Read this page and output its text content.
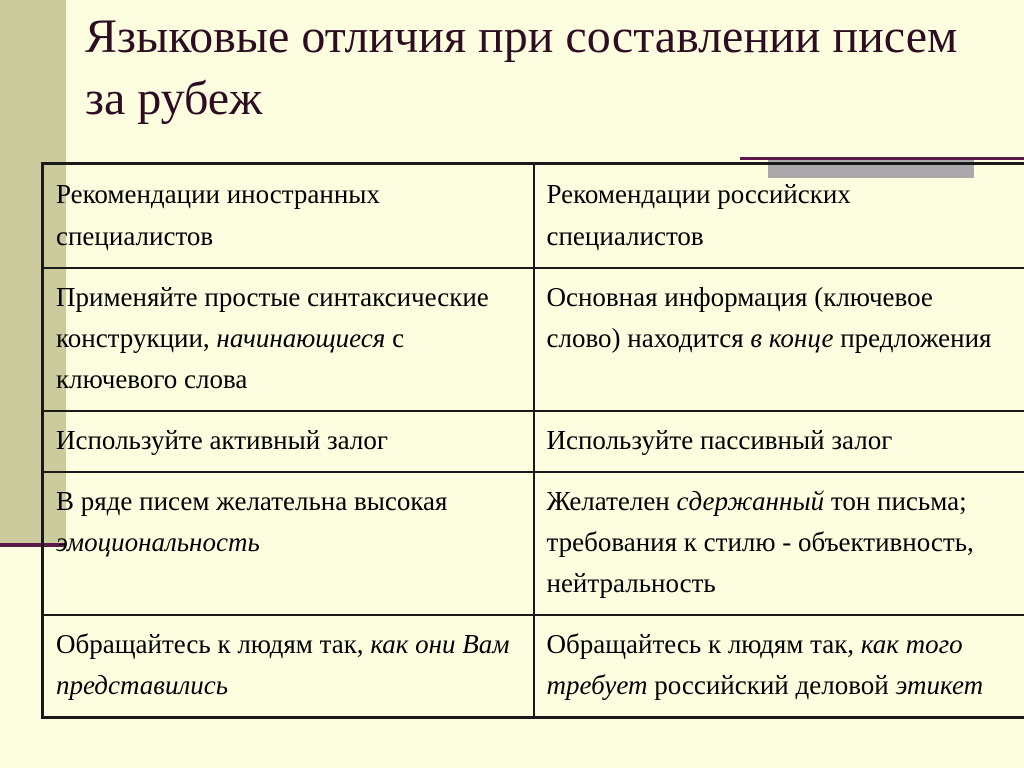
Языковые отличия при составлении писем за рубеж
Рекомендации иностранных специалистов	Рекомендации российских специалистов
Применяйте простые синтаксические конструкции, начинающиеся с ключевого слова	Основная информация (ключевое слово) находится в конце предложения
Используйте активный залог	Используйте пассивный залог
В ряде писем желательна высокая эмоциональность	Желателен сдержанный тон письма; требования к стилю - объективность, нейтральность
Обращайтесь к людям так, как они Вам представились	Обращайтесь к людям так, как того требует российский деловой этикет
